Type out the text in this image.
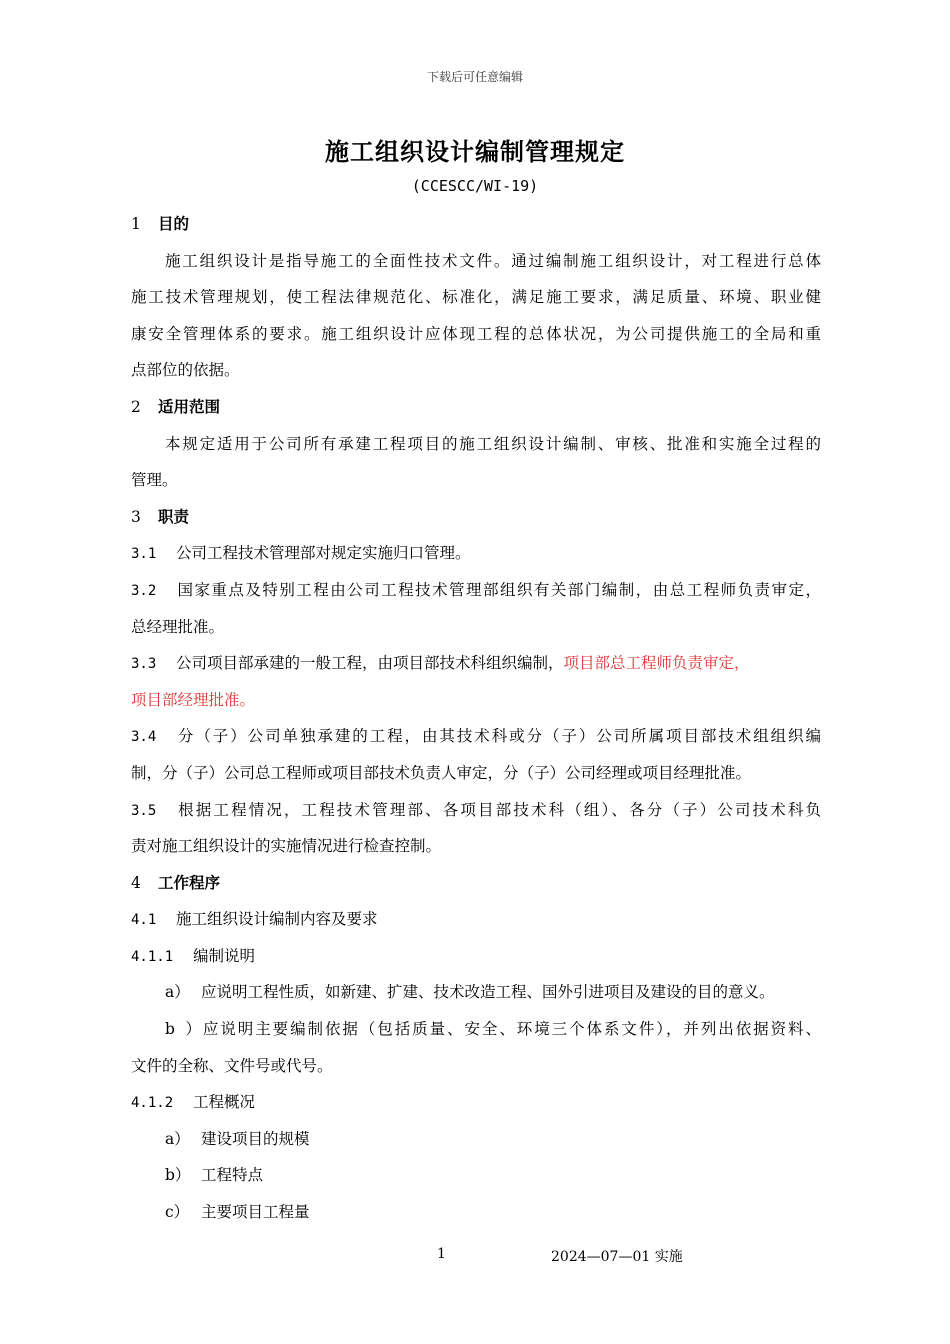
下载后可任意编辑
施工组织设计编制管理规定
(CCESCC/WI-19)
1 目的
施工组织设计是指导施工的全面性技术文件。通过编制施工组织设计，对工程进行总体
施工技术管理规划，使工程法律规范化、标准化，满足施工要求，满足质量、环境、职业健
康安全管理体系的要求。施工组织设计应体现工程的总体状况，为公司提供施工的全局和重
点部位的依据。
2 适用范围
本规定适用于公司所有承建工程项目的施工组织设计编制、审核、批准和实施全过程的
管理。
3 职责
3.1 公司工程技术管理部对规定实施归口管理。
3.2 国家重点及特别工程由公司工程技术管理部组织有关部门编制，由总工程师负责审定，
总经理批准。
3.3 公司项目部承建的一般工程，由项目部技术科组织编制，项目部总工程师负责审定，
项目部经理批准。
3.4 分（子）公司单独承建的工程，由其技术科或分（子）公司所属项目部技术组组织编
制，分（子）公司总工程师或项目部技术负责人审定，分（子）公司经理或项目经理批准。
3.5 根据工程情况，工程技术管理部、各项目部技术科（组）、各分（子）公司技术科负
责对施工组织设计的实施情况进行检查控制。
4 工作程序
4.1 施工组织设计编制内容及要求
4.1.1 编制说明
a） 应说明工程性质，如新建、扩建、技术改造工程、国外引进项目及建设的目的意义。
b）应说明主要编制依据（包括质量、安全、环境三个体系文件），并列出依据资料、
文件的全称、文件号或代号。
4.1.2 工程概况
a） 建设项目的规模
b） 工程特点
c） 主要项目工程量
1	2024—07—01 实施
